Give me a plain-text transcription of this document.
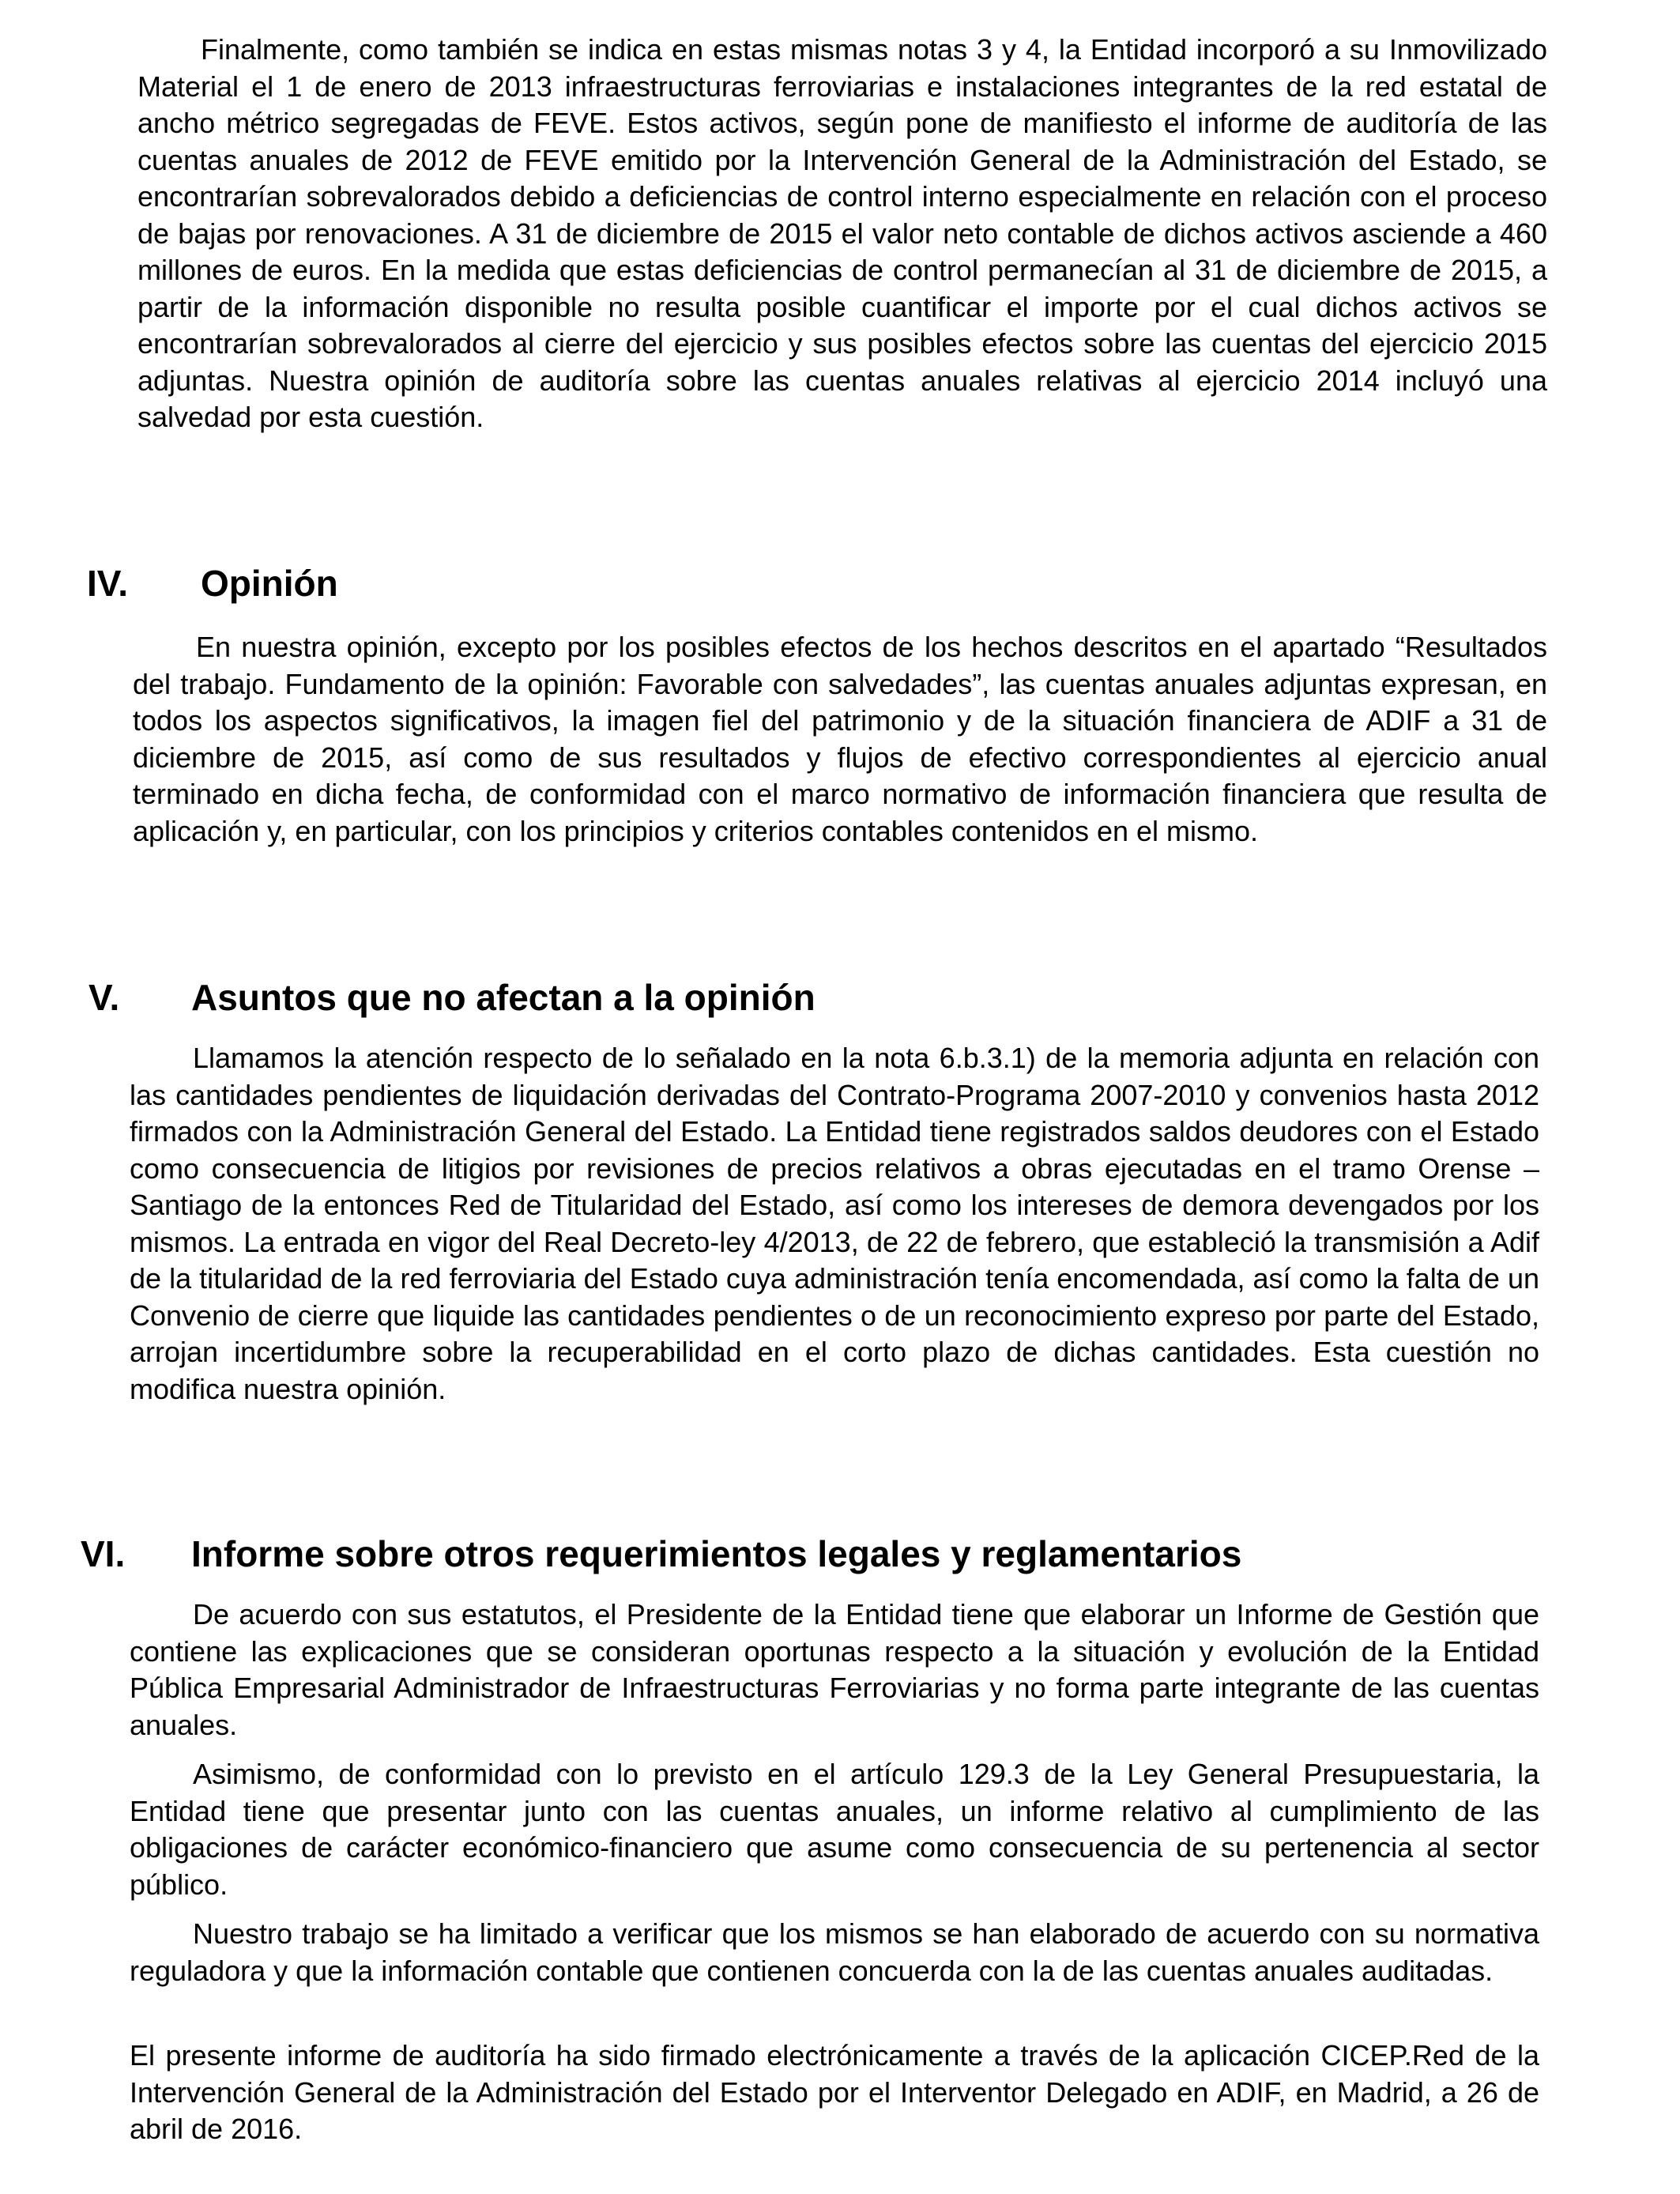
Finalmente, como también se indica en estas mismas notas 3 y 4, la Entidad incorporó a su Inmovilizado Material el 1 de enero de 2013 infraestructuras ferroviarias e instalaciones integrantes de la red estatal de ancho métrico segregadas de FEVE. Estos activos, según pone de manifiesto el informe de auditoría de las cuentas anuales de 2012 de FEVE emitido por la Intervención General de la Administración del Estado, se encontrarían sobrevalorados debido a deficiencias de control interno especialmente en relación con el proceso de bajas por renovaciones. A 31 de diciembre de 2015 el valor neto contable de dichos activos asciende a 460 millones de euros. En la medida que estas deficiencias de control permanecían al 31 de diciembre de 2015, a partir de la información disponible no resulta posible cuantificar el importe por el cual dichos activos se encontrarían sobrevalorados al cierre del ejercicio y sus posibles efectos sobre las cuentas del ejercicio 2015 adjuntas. Nuestra opinión de auditoría sobre las cuentas anuales relativas al ejercicio 2014 incluyó una salvedad por esta cuestión.

IV. Opinión

En nuestra opinión, excepto por los posibles efectos de los hechos descritos en el apartado “Resultados del trabajo. Fundamento de la opinión: Favorable con salvedades”, las cuentas anuales adjuntas expresan, en todos los aspectos significativos, la imagen fiel del patrimonio y de la situación financiera de ADIF a 31 de diciembre de 2015, así como de sus resultados y flujos de efectivo correspondientes al ejercicio anual terminado en dicha fecha, de conformidad con el marco normativo de información financiera que resulta de aplicación y, en particular, con los principios y criterios contables contenidos en el mismo.

V. Asuntos que no afectan a la opinión

Llamamos la atención respecto de lo señalado en la nota 6.b.3.1) de la memoria adjunta en relación con las cantidades pendientes de liquidación derivadas del Contrato-Programa 2007-2010 y convenios hasta 2012 firmados con la Administración General del Estado. La Entidad tiene registrados saldos deudores con el Estado como consecuencia de litigios por revisiones de precios relativos a obras ejecutadas en el tramo Orense – Santiago de la entonces Red de Titularidad del Estado, así como los intereses de demora devengados por los mismos. La entrada en vigor del Real Decreto-ley 4/2013, de 22 de febrero, que estableció la transmisión a Adif de la titularidad de la red ferroviaria del Estado cuya administración tenía encomendada, así como la falta de un Convenio de cierre que liquide las cantidades pendientes o de un reconocimiento expreso por parte del Estado, arrojan incertidumbre sobre la recuperabilidad en el corto plazo de dichas cantidades. Esta cuestión no modifica nuestra opinión.

VI. Informe sobre otros requerimientos legales y reglamentarios

De acuerdo con sus estatutos, el Presidente de la Entidad tiene que elaborar un Informe de Gestión que contiene las explicaciones que se consideran oportunas respecto a la situación y evolución de la Entidad Pública Empresarial Administrador de Infraestructuras Ferroviarias y no forma parte integrante de las cuentas anuales.

Asimismo, de conformidad con lo previsto en el artículo 129.3 de la Ley General Presupuestaria, la Entidad tiene que presentar junto con las cuentas anuales, un informe relativo al cumplimiento de las obligaciones de carácter económico-financiero que asume como consecuencia de su pertenencia al sector público.

Nuestro trabajo se ha limitado a verificar que los mismos se han elaborado de acuerdo con su normativa reguladora y que la información contable que contienen concuerda con la de las cuentas anuales auditadas.

El presente informe de auditoría ha sido firmado electrónicamente a través de la aplicación CICEP.Red de la Intervención General de la Administración del Estado por el Interventor Delegado en ADIF, en Madrid, a 26 de abril de 2016.
